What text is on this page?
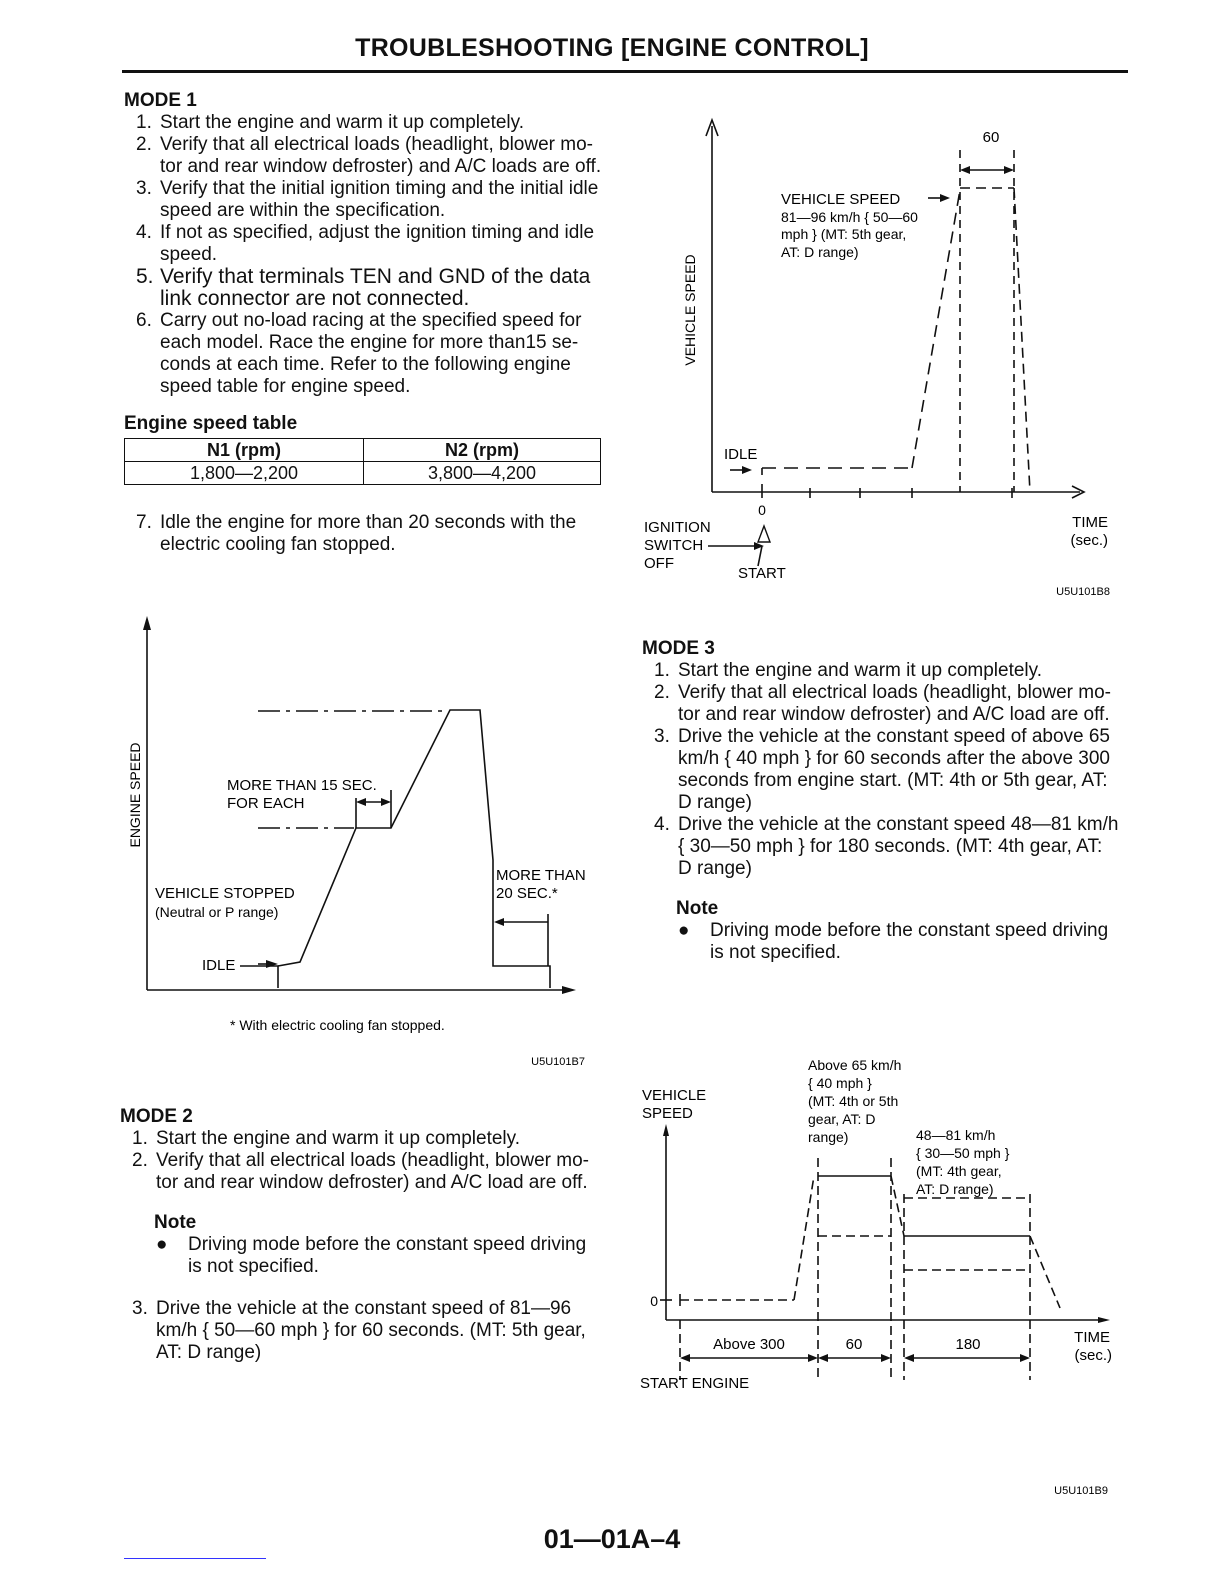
TROUBLESHOOTING [ENGINE CONTROL]
MODE 1
1. Start the engine and warm it up completely.
2. Verify that all electrical loads (headlight, blower mo-
tor and rear window defroster) and A/C loads are off.
3. Verify that the initial ignition timing and the initial idle
speed are within the specification.
4. If not as specified, adjust the ignition timing and idle
speed.
5. Verify that terminals TEN and GND of the data
link connector are not connected.
6. Carry out no-load racing at the specified speed for
each model. Race the engine for more than15 se-
conds at each time. Refer to the following engine
speed table for engine speed.
Engine speed table
N1 (rpm)	N2 (rpm)
1,800—2,200	3,800—4,200
7. Idle the engine for more than 20 seconds with the
electric cooling fan stopped.
ENGINE SPEED	MORE THAN 15 SEC.
FOR EACH
MORE THAN
20 SEC.*
VEHICLE STOPPED
(Neutral or P range)
IDLE
* With electric cooling fan stopped.
U5U101B7
MODE 2
1. Start the engine and warm it up completely.
2. Verify that all electrical loads (headlight, blower mo-
tor and rear window defroster) and A/C load are off.
Note
● Driving mode before the constant speed driving
is not specified.
3. Drive the vehicle at the constant speed of 81—96
km/h { 50—60 mph } for 60 seconds. (MT: 5th gear,
AT: D range)
VEHICLE SPEED
60
VEHICLE SPEED
81—96 km/h { 50—60
mph } (MT: 5th gear,
AT: D range)
IDLE
0
IGNITION
SWITCH
OFF
START
TIME
(sec.)
U5U101B8
MODE 3
1. Start the engine and warm it up completely.
2. Verify that all electrical loads (headlight, blower mo-
tor and rear window defroster) and A/C load are off.
3. Drive the vehicle at the constant speed of above 65
km/h { 40 mph } for 60 seconds after the above 300
seconds from engine start. (MT: 4th or 5th gear, AT:
D range)
4. Drive the vehicle at the constant speed 48—81 km/h
{ 30—50 mph } for 180 seconds. (MT: 4th gear, AT:
D range)
Note
● Driving mode before the constant speed driving
is not specified.
VEHICLE
SPEED
Above 65 km/h
{ 40 mph }
(MT: 4th or 5th
gear, AT: D
range)	48—81 km/h
{ 30—50 mph }
(MT: 4th gear,
AT: D range)
0
Above 300	60	180	TIME
(sec.)
START ENGINE
U5U101B9
01—01A–4
